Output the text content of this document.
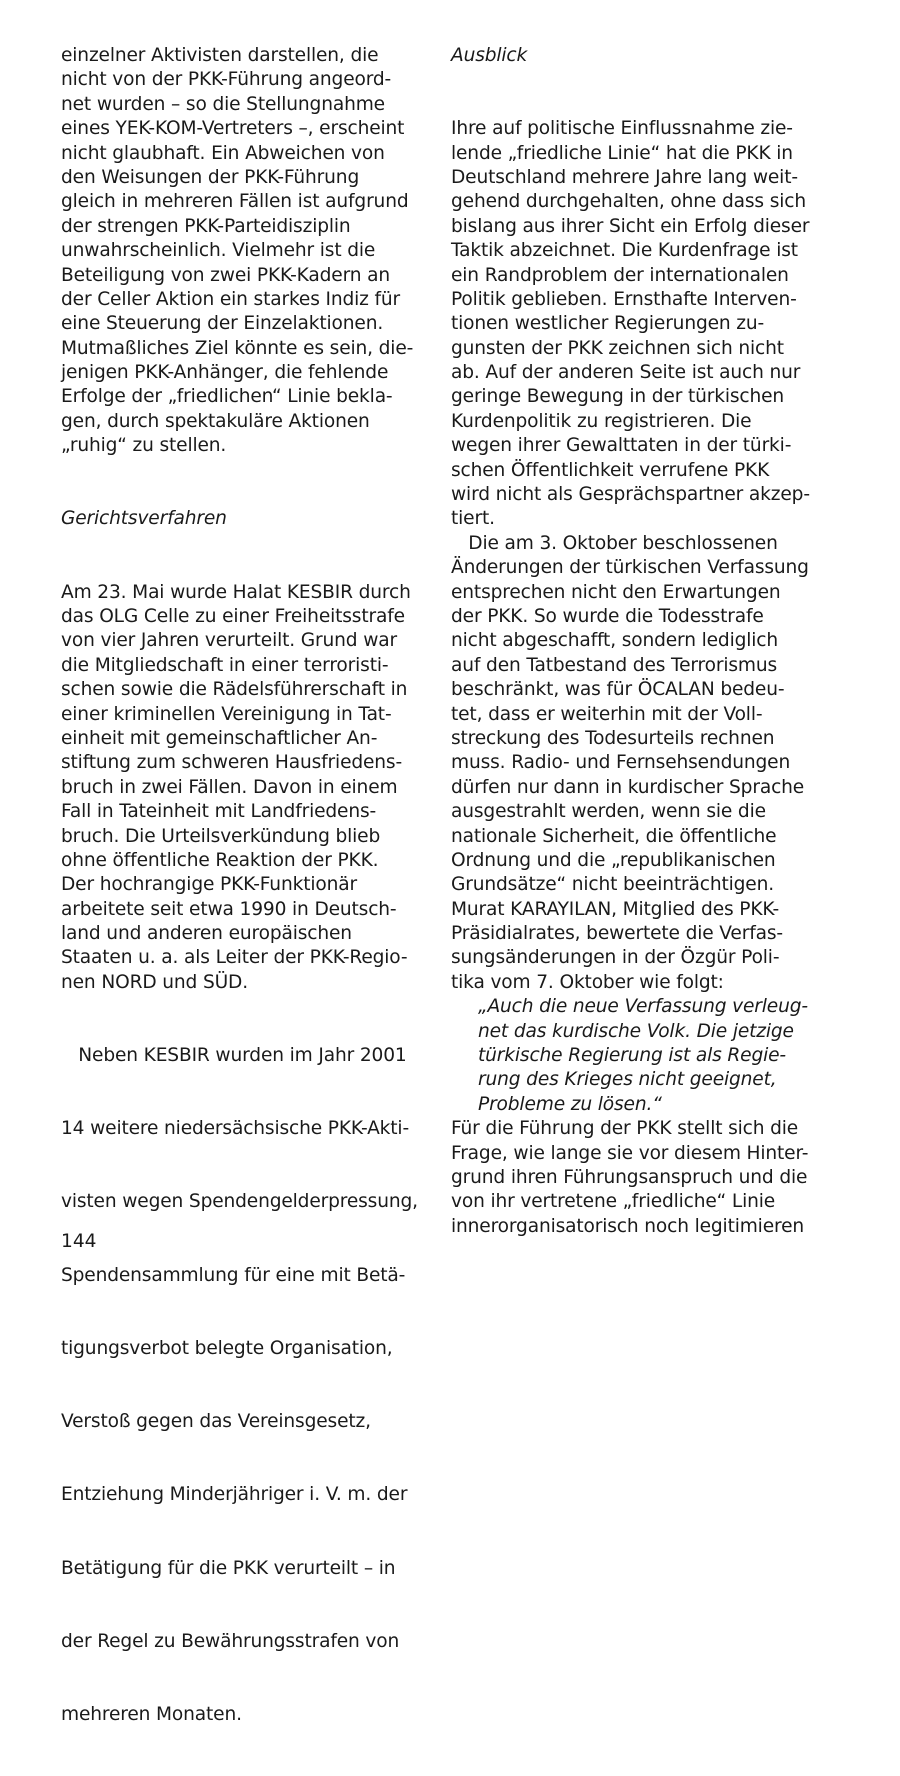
einzelner Aktivisten darstellen, die
nicht von der PKK-Führung angeord-
net wurden – so die Stellungnahme
eines YEK-KOM-Vertreters –, erscheint
nicht glaubhaft. Ein Abweichen von
den Weisungen der PKK-Führung
gleich in mehreren Fällen ist aufgrund
der strengen PKK-Parteidisziplin
unwahrscheinlich. Vielmehr ist die
Beteiligung von zwei PKK-Kadern an
der Celler Aktion ein starkes Indiz für
eine Steuerung der Einzelaktionen.
Mutmaßliches Ziel könnte es sein, die-
jenigen PKK-Anhänger, die fehlende
Erfolge der „friedlichen“ Linie bekla-
gen, durch spektakuläre Aktionen
„ruhig“ zu stellen.
Gerichtsverfahren
Am 23. Mai wurde Halat KESBIR durch
das OLG Celle zu einer Freiheitsstrafe
von vier Jahren verurteilt. Grund war
die Mitgliedschaft in einer terroristi-
schen sowie die Rädelsführerschaft in
einer kriminellen Vereinigung in Tat-
einheit mit gemeinschaftlicher An-
stiftung zum schweren Hausfriedens-
bruch in zwei Fällen. Davon in einem
Fall in Tateinheit mit Landfriedens-
bruch. Die Urteilsverkündung blieb
ohne öffentliche Reaktion der PKK.
Der hochrangige PKK-Funktionär
arbeitete seit etwa 1990 in Deutsch-
land und anderen europäischen
Staaten u. a. als Leiter der PKK-Regio-
nen NORD und SÜD.

Neben KESBIR wurden im Jahr 2001

14 weitere niedersächsische PKK-Akti-

visten wegen Spendengelderpressung,

Spendensammlung für eine mit Betä-

tigungsverbot belegte Organisation,

Verstoß gegen das Vereinsgesetz,

Entziehung Minderjähriger i. V. m. der

Betätigung für die PKK verurteilt – in

der Regel zu Bewährungsstrafen von

mehreren Monaten.

Ausblick
Ihre auf politische Einflussnahme zie-
lende „friedliche Linie“ hat die PKK in
Deutschland mehrere Jahre lang weit-
gehend durchgehalten, ohne dass sich
bislang aus ihrer Sicht ein Erfolg dieser
Taktik abzeichnet. Die Kurdenfrage ist
ein Randproblem der internationalen
Politik geblieben. Ernsthafte Interven-
tionen westlicher Regierungen zu-
gunsten der PKK zeichnen sich nicht
ab. Auf der anderen Seite ist auch nur
geringe Bewegung in der türkischen
Kurdenpolitik zu registrieren. Die
wegen ihrer Gewalttaten in der türki-
schen Öffentlichkeit verrufene PKK
wird nicht als Gesprächspartner akzep-
tiert.
Die am 3. Oktober beschlossenen
Änderungen der türkischen Verfassung
entsprechen nicht den Erwartungen
der PKK. So wurde die Todesstrafe
nicht abgeschafft, sondern lediglich
auf den Tatbestand des Terrorismus
beschränkt, was für ÖCALAN bedeu-
tet, dass er weiterhin mit der Voll-
streckung des Todesurteils rechnen
muss. Radio- und Fernsehsendungen
dürfen nur dann in kurdischer Sprache
ausgestrahlt werden, wenn sie die
nationale Sicherheit, die öffentliche
Ordnung und die „republikanischen
Grundsätze“ nicht beeinträchtigen.
Murat KARAYILAN, Mitglied des PKK-
Präsidialrates, bewertete die Verfas-
sungsänderungen in der Özgür Poli-
tika vom 7. Oktober wie folgt:
„Auch die neue Verfassung verleug-
net das kurdische Volk. Die jetzige
türkische Regierung ist als Regie-
rung des Krieges nicht geeignet,
Probleme zu lösen.“
Für die Führung der PKK stellt sich die
Frage, wie lange sie vor diesem Hinter-
grund ihren Führungsanspruch und die
von ihr vertretene „friedliche“ Linie
innerorganisatorisch noch legitimieren
144
